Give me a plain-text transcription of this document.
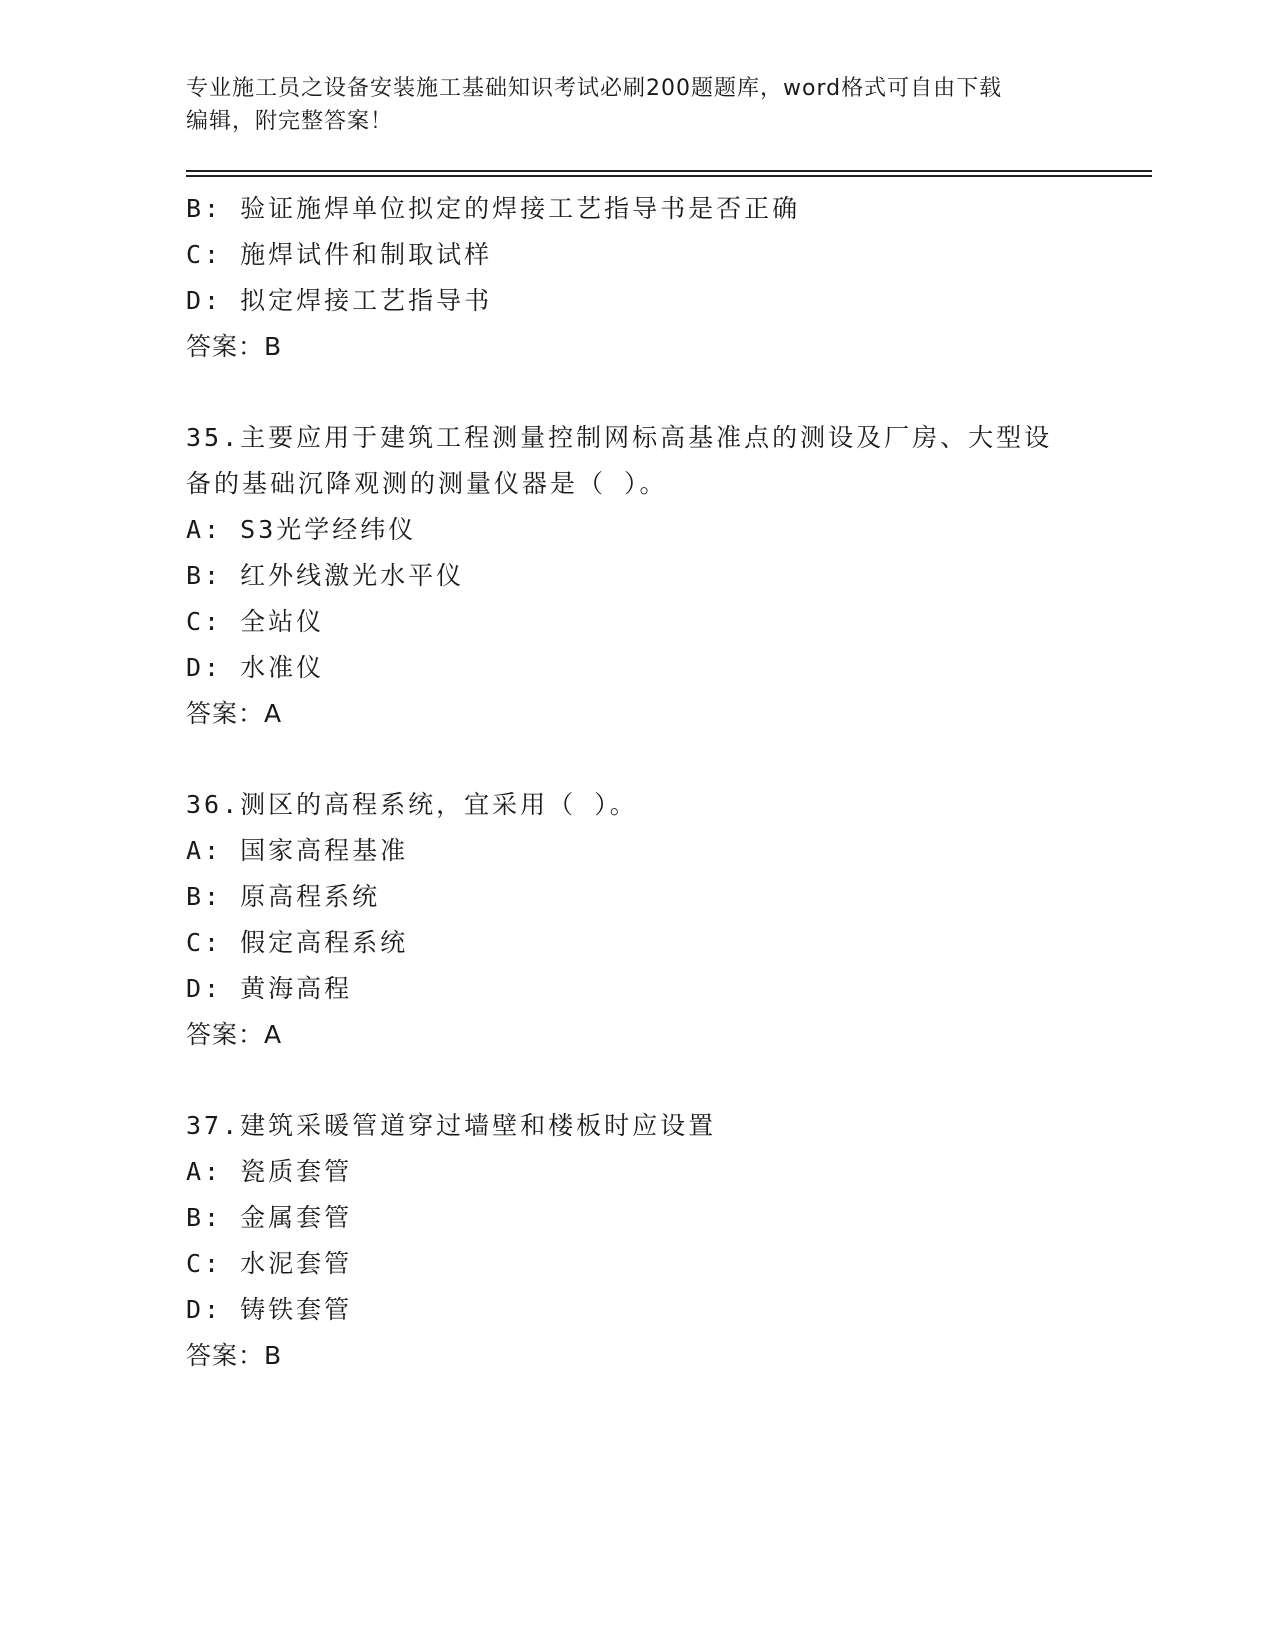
专业施工员之设备安装施工基础知识考试必刷200题题库，word格式可自由下载
编辑，附完整答案！
B: 验证施焊单位拟定的焊接工艺指导书是否正确
C: 施焊试件和制取试样
D: 拟定焊接工艺指导书
答案：B
35.主要应用于建筑工程测量控制网标高基准点的测设及厂房、大型设
备的基础沉降观测的测量仪器是（ ）。
A: S3光学经纬仪
B: 红外线激光水平仪
C: 全站仪
D: 水准仪
答案：A
36.测区的高程系统，宜采用（ ）。
A: 国家高程基准
B: 原高程系统
C: 假定高程系统
D: 黄海高程
答案：A
37.建筑采暖管道穿过墙壁和楼板时应设置
A: 瓷质套管
B: 金属套管
C: 水泥套管
D: 铸铁套管
答案：B
